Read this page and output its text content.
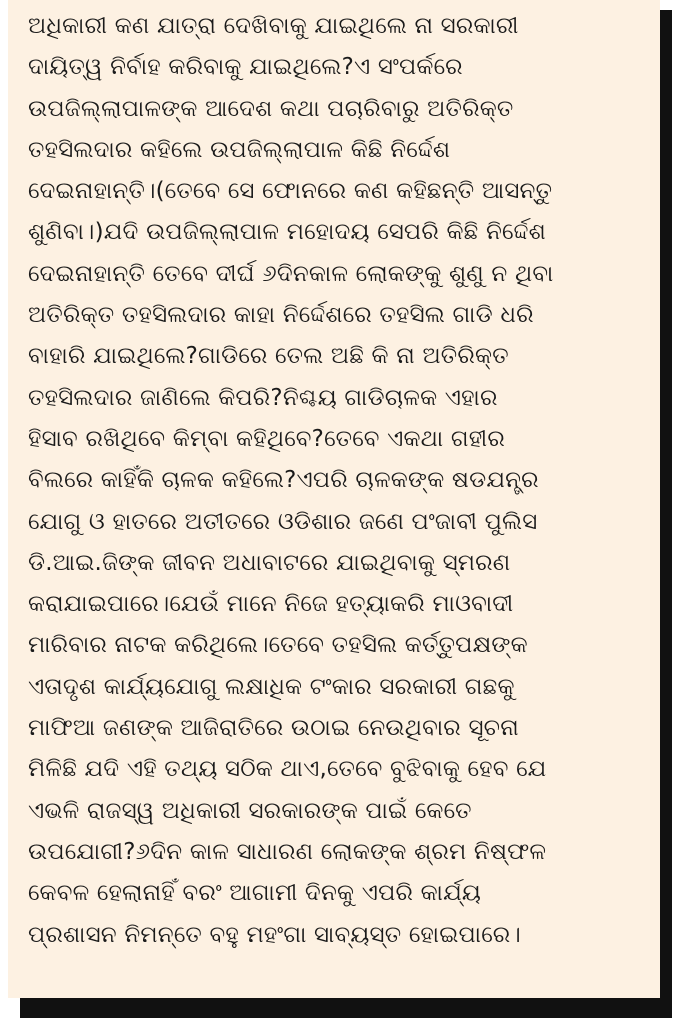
ଅଧିକାରୀ କଣ ଯାତ୍ରା ଦେଖିବାକୁ ଯାଇଥିଲେ ନା ସରକାରୀ
ଦାୟିତ୍ୱ ନିର୍ବାହ କରିବାକୁ ଯାଇଥିଲେ?ଏ ସଂପର୍କରେ
ଉପଜିଲ୍ଲାପାଳଙ୍କ ଆଦେଶ କଥା ପଚାରିବାରୁ ଅତିରିକ୍ତ
ତହସିଲଦାର କହିଲେ ଉପଜିଲ୍ଲାପାଳ କିଛି ନିର୍ଦ୍ଦେଶ
ଦେଇନାହାନ୍ତି।(ତେବେ ସେ ଫୋନରେ କଣ କହିଛନ୍ତି ଆସନ୍ତୁ
ଶୁଣିବା।)ଯଦି ଉପଜିଲ୍ଲାପାଳ ମହୋଦୟ ସେପରି କିଛି ନିର୍ଦ୍ଦେଶ
ଦେଇନାହାନ୍ତି ତେବେ ଦୀର୍ଘ ୬ଦିନକାଳ ଲୋକଙ୍କୁ ଶୁଣୁ ନ ଥିବା
ଅତିରିକ୍ତ ତହସିଲଦାର କାହା ନିର୍ଦ୍ଦେଶରେ ତହସିଲ ଗାଡି ଧରି
ବାହାରି ଯାଇଥିଲେ?ଗାଡିରେ ତେଲ ଅଛି କି ନା ଅତିରିକ୍ତ
ତହସିଲଦାର ଜାଣିଲେ କିପରି?ନିଶ୍ଚୟ ଗାଡିଚାଳକ ଏହାର
ହିସାବ ରଖିଥିବେ କିମ୍ବା କହିଥିବେ?ତେବେ ଏକଥା ଗହୀର
ବିଲରେ କାହିଁକି ଚାଳକ କହିଲେ?ଏପରି ଚାଳକଙ୍କ ଷଡଯନ୍ତ୍ର
ଯୋଗୁ ଓ ହାତରେ ଅତୀତରେ ଓଡିଶାର ଜଣେ ପଂଜାବୀ ପୁଲିସ
ଡି.ଆଇ.ଜିଙ୍କ ଜୀବନ ଅଧାବାଟରେ ଯାଇଥିବାକୁ ସ୍ମରଣ
କରାଯାଇପାରେ।ଯେଉଁ ମାନେ ନିଜେ ହତ୍ୟାକରି ମାଓବାଦୀ
ମାରିବାର ନାଟକ କରିଥିଲେ।ତେବେ ତହସିଲ କର୍ତ୍ତୁପକ୍ଷଙ୍କ
ଏତାଦୃଶ କାର୍ଯ୍ୟଯୋଗୁ ଲକ୍ଷାଧିକ ଟଂକାର ସରକାରୀ ଗଛକୁ
ମାଫିଆ ଜଣଙ୍କ ଆଜିରାତିରେ ଉଠାଇ ନେଉଥିବାର ସୂଚନା
ମିଳିଛି ଯଦି ଏହି ତଥ୍ୟ ସଠିକ ଥାଏ,ତେବେ ବୁଝିବାକୁ ହେବ ଯେ
ଏଭଳି ରାଜସ୍ୱ ଅଧିକାରୀ ସରକାରଙ୍କ ପାଇଁ କେତେ
ଉପଯୋଗୀ?୬ଦିନ କାଳ ସାଧାରଣ ଲୋକଙ୍କ ଶ୍ରମ ନିଷ୍ଫଳ
କେବଳ ହେଲାନାହିଁ ବରଂ ଆଗାମୀ ଦିନକୁ ଏପରି କାର୍ଯ୍ୟ
ପ୍ରଶାସନ ନିମନ୍ତେ ବହୁ ମହଂଗା ସାବ୍ୟସ୍ତ ହୋଇପାରେ।
